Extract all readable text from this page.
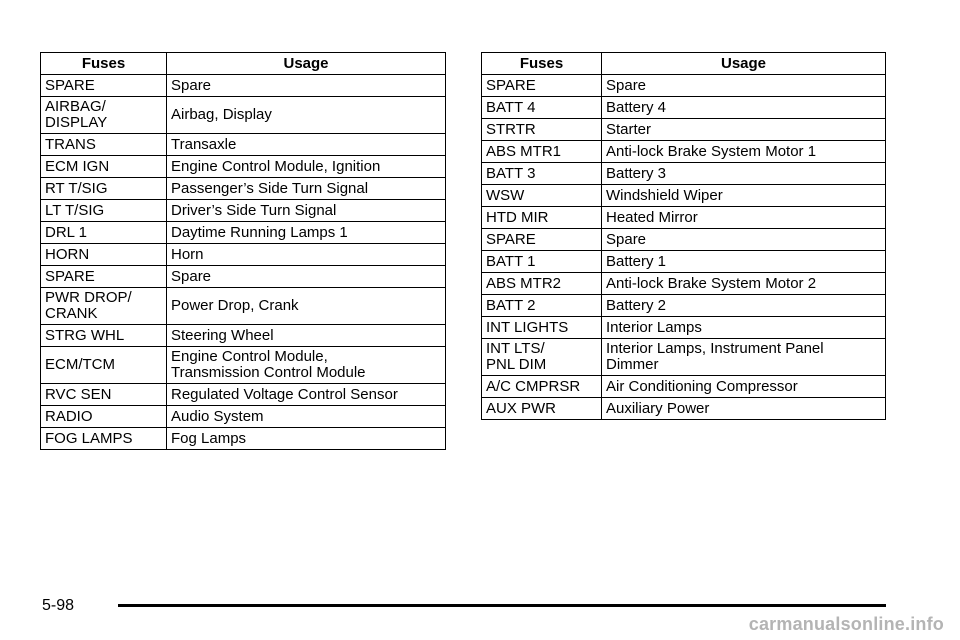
Fuses	Usage
SPARE	Spare
AIRBAG/
DISPLAY	Airbag, Display
TRANS	Transaxle
ECM IGN	Engine Control Module, Ignition
RT T/SIG	Passenger’s Side Turn Signal
LT T/SIG	Driver’s Side Turn Signal
DRL 1	Daytime Running Lamps 1
HORN	Horn
SPARE	Spare
PWR DROP/
CRANK	Power Drop, Crank
STRG WHL	Steering Wheel
ECM/TCM	Engine Control Module,
Transmission Control Module
RVC SEN	Regulated Voltage Control Sensor
RADIO	Audio System
FOG LAMPS	Fog Lamps
Fuses	Usage
SPARE	Spare
BATT 4	Battery 4
STRTR	Starter
ABS MTR1	Anti-lock Brake System Motor 1
BATT 3	Battery 3
WSW	Windshield Wiper
HTD MIR	Heated Mirror
SPARE	Spare
BATT 1	Battery 1
ABS MTR2	Anti-lock Brake System Motor 2
BATT 2	Battery 2
INT LIGHTS	Interior Lamps
INT LTS/
PNL DIM	Interior Lamps, Instrument Panel
Dimmer
A/C CMPRSR	Air Conditioning Compressor
AUX PWR	Auxiliary Power
5-98
carmanualsonline.info
